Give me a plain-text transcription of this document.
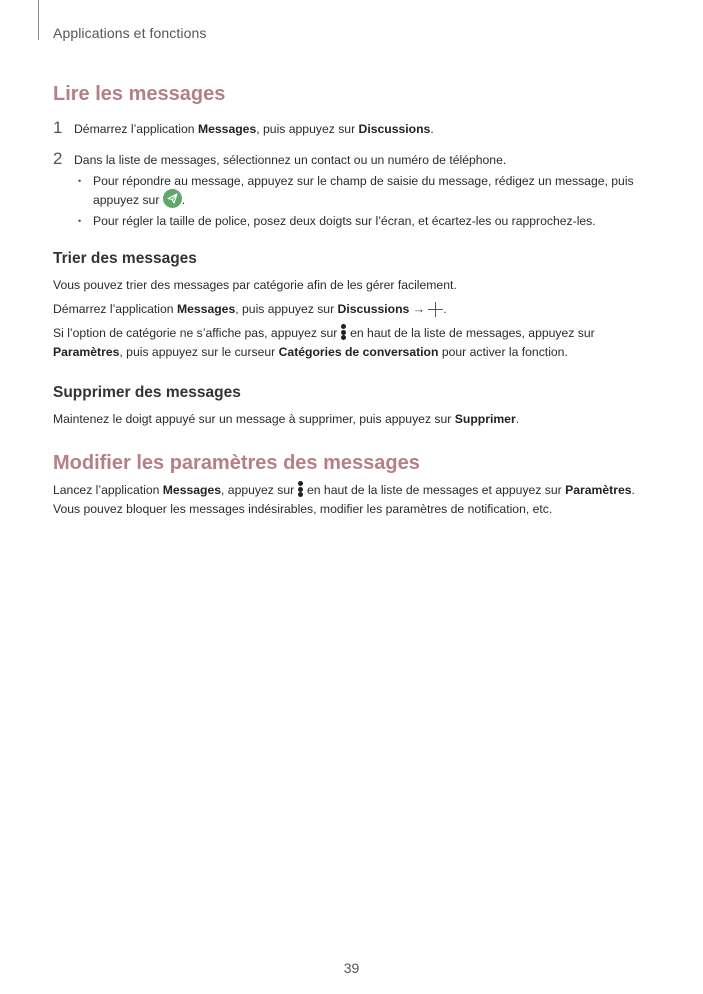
Applications et fonctions
Lire les messages
1 Démarrez l’application Messages, puis appuyez sur Discussions.
2 Dans la liste de messages, sélectionnez un contact ou un numéro de téléphone.
• Pour répondre au message, appuyez sur le champ de saisie du message, rédigez un message, puis appuyez sur
.
• Pour régler la taille de police, posez deux doigts sur l’écran, et écartez-les ou rapprochez-les.
Trier des messages

Vous pouvez trier des messages par catégorie afin de les gérer facilement.

Démarrez l’application Messages, puis appuyez sur Discussions → .

Si l’option de catégorie ne s’affiche pas, appuyez sur
en haut de la liste de messages, appuyez sur Paramètres, puis appuyez sur le curseur Catégories de conversation pour activer la fonction.

Supprimer des messages

Maintenez le doigt appuyé sur un message à supprimer, puis appuyez sur Supprimer.

Modifier les paramètres des messages

Lancez l’application Messages, appuyez sur
en haut de la liste de messages et appuyez sur Paramètres.

Vous pouvez bloquer les messages indésirables, modifier les paramètres de notification, etc.

39
